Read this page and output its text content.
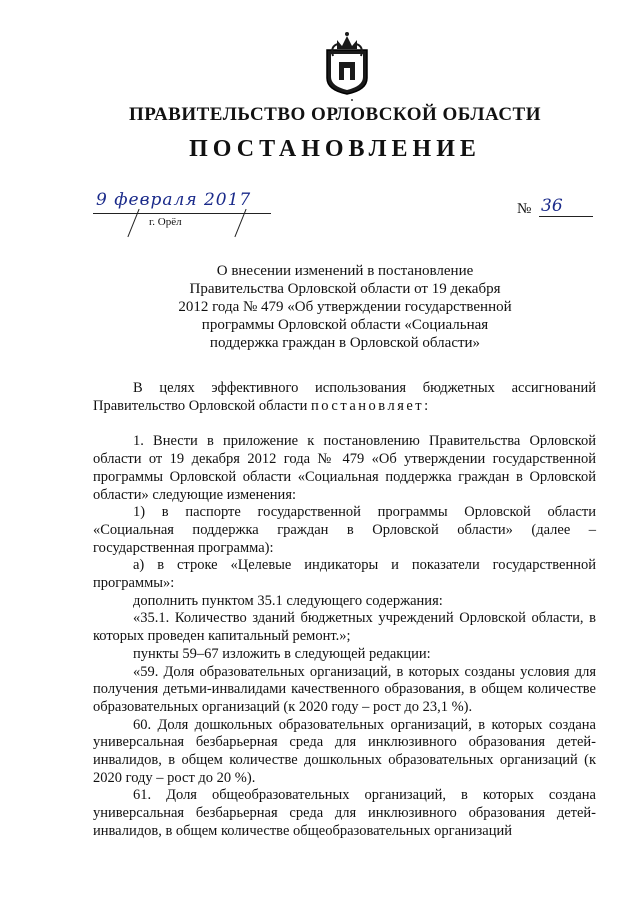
ПРАВИТЕЛЬСТВО ОРЛОВСКОЙ ОБЛАСТИ
ПОСТАНОВЛЕНИЕ
9 февраля 2017
г. Орёл
№ 36
О внесении изменений в постановление
Правительства Орловской области от 19 декабря
2012 года № 479 «Об утверждении государственной
программы Орловской области «Социальная
поддержка граждан в Орловской области»

В целях эффективного использования бюджетных ассигнований Правительство Орловской области постановляет:

1. Внести в приложение к постановлению Правительства Орловской области от 19 декабря 2012 года № 479 «Об утверждении государственной программы Орловской области «Социальная поддержка граждан в Орловской области» следующие изменения:

1) в паспорте государственной программы Орловской области «Социальная поддержка граждан в Орловской области» (далее – государственная программа):

а) в строке «Целевые индикаторы и показатели государственной программы»:

дополнить пунктом 35.1 следующего содержания:

«35.1. Количество зданий бюджетных учреждений Орловской области, в которых проведен капитальный ремонт.»;

пункты 59–67 изложить в следующей редакции:

«59. Доля образовательных организаций, в которых созданы условия для получения детьми-инвалидами качественного образования, в общем количестве образовательных организаций (к 2020 году – рост до 23,1 %).

60. Доля дошкольных образовательных организаций, в которых создана универсальная безбарьерная среда для инклюзивного образования детей-инвалидов, в общем количестве дошкольных образовательных организаций (к 2020 году – рост до 20 %).

61. Доля общеобразовательных организаций, в которых создана универсальная безбарьерная среда для инклюзивного образования детей-инвалидов, в общем количестве общеобразовательных организаций
